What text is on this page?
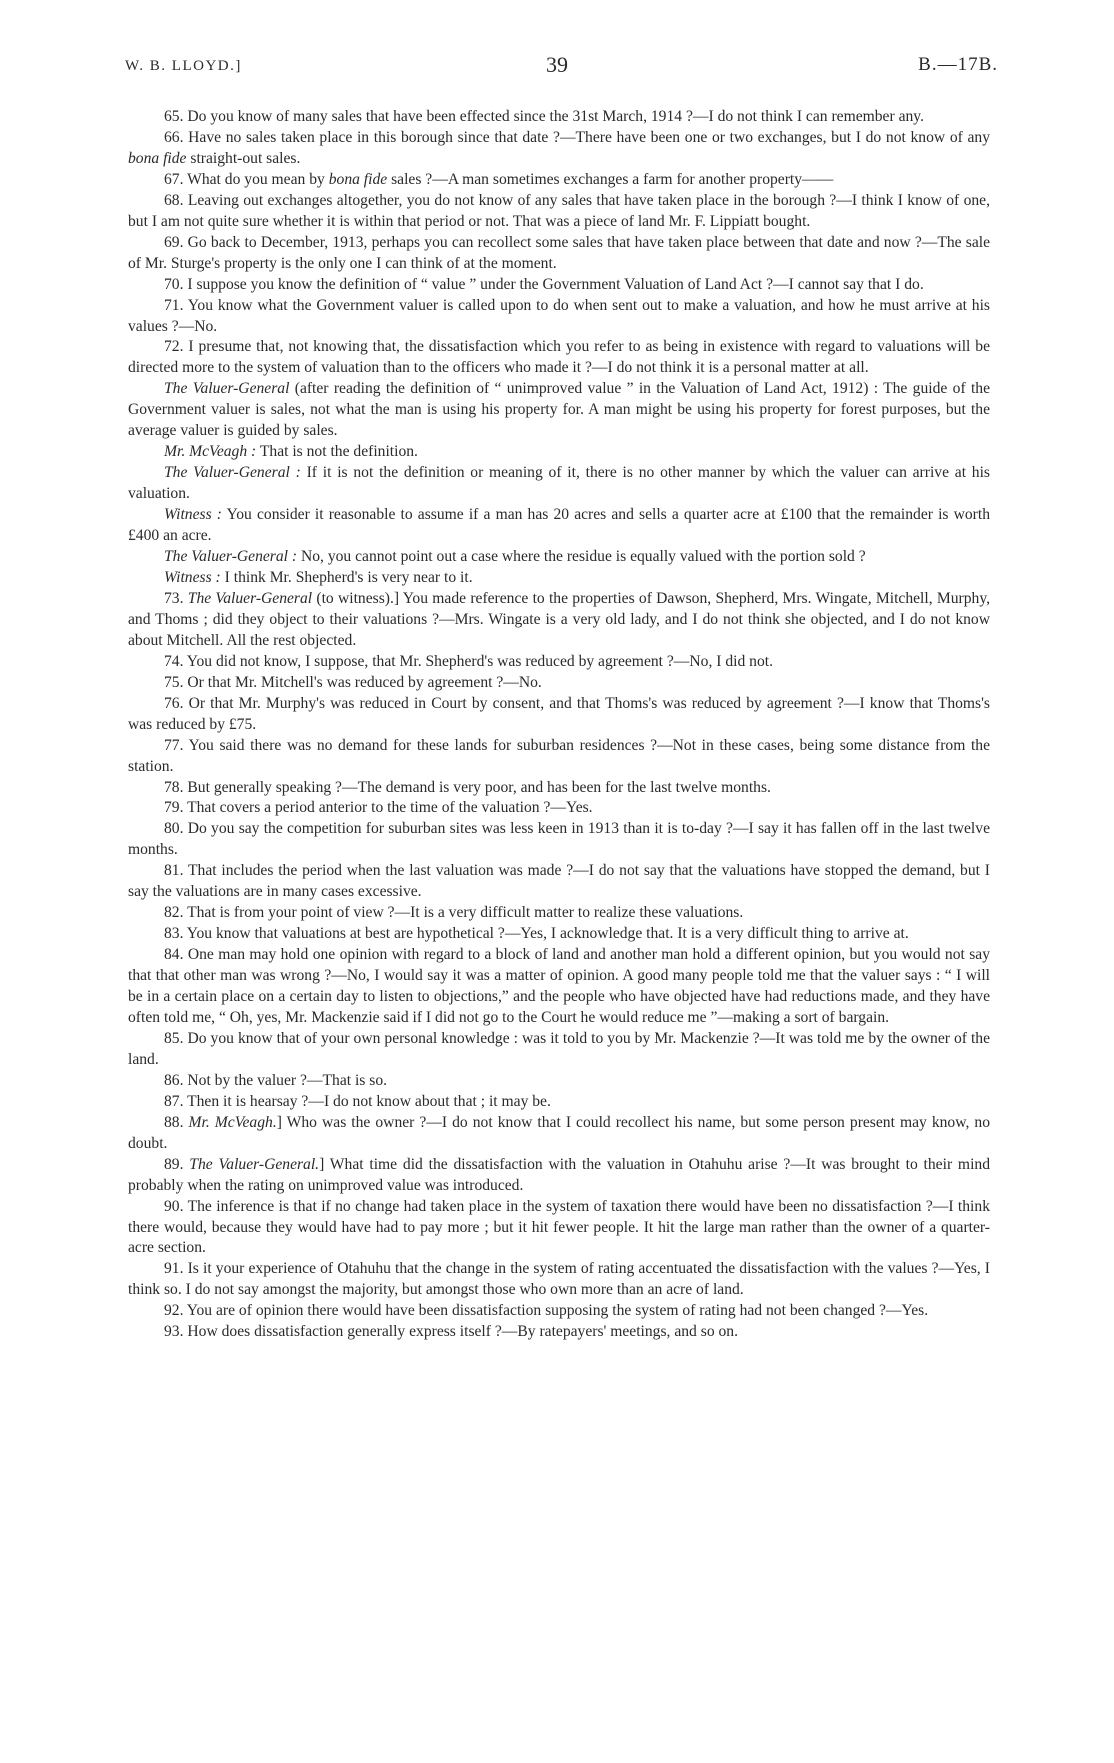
W. B. LLOYD.]	39	B.—17B.

65. Do you know of many sales that have been effected since the 31st March, 1914 ?—I do not think I can remember any.

66. Have no sales taken place in this borough since that date ?—There have been one or two exchanges, but I do not know of any bona fide straight-out sales.

67. What do you mean by bona fide sales ?—A man sometimes exchanges a farm for another property——

68. Leaving out exchanges altogether, you do not know of any sales that have taken place in the borough ?—I think I know of one, but I am not quite sure whether it is within that period or not. That was a piece of land Mr. F. Lippiatt bought.

69. Go back to December, 1913, perhaps you can recollect some sales that have taken place between that date and now ?—The sale of Mr. Sturge's property is the only one I can think of at the moment.

70. I suppose you know the definition of “ value ” under the Government Valuation of Land Act ?—I cannot say that I do.

71. You know what the Government valuer is called upon to do when sent out to make a valuation, and how he must arrive at his values ?—No.

72. I presume that, not knowing that, the dissatisfaction which you refer to as being in existence with regard to valuations will be directed more to the system of valuation than to the officers who made it ?—I do not think it is a personal matter at all.

The Valuer-General (after reading the definition of “ unimproved value ” in the Valuation of Land Act, 1912) : The guide of the Government valuer is sales, not what the man is using his property for. A man might be using his property for forest purposes, but the average valuer is guided by sales.

Mr. McVeagh : That is not the definition.

The Valuer-General : If it is not the definition or meaning of it, there is no other manner by which the valuer can arrive at his valuation.

Witness : You consider it reasonable to assume if a man has 20 acres and sells a quarter acre at £100 that the remainder is worth £400 an acre.

The Valuer-General : No, you cannot point out a case where the residue is equally valued with the portion sold ?

Witness : I think Mr. Shepherd's is very near to it.

73. The Valuer-General (to witness).] You made reference to the properties of Dawson, Shepherd, Mrs. Wingate, Mitchell, Murphy, and Thoms ; did they object to their valuations ?—Mrs. Wingate is a very old lady, and I do not think she objected, and I do not know about Mitchell. All the rest objected.

74. You did not know, I suppose, that Mr. Shepherd's was reduced by agreement ?—No, I did not.

75. Or that Mr. Mitchell's was reduced by agreement ?—No.

76. Or that Mr. Murphy's was reduced in Court by consent, and that Thoms's was reduced by agreement ?—I know that Thoms's was reduced by £75.

77. You said there was no demand for these lands for suburban residences ?—Not in these cases, being some distance from the station.

78. But generally speaking ?—The demand is very poor, and has been for the last twelve months.

79. That covers a period anterior to the time of the valuation ?—Yes.

80. Do you say the competition for suburban sites was less keen in 1913 than it is to-day ?—I say it has fallen off in the last twelve months.

81. That includes the period when the last valuation was made ?—I do not say that the valuations have stopped the demand, but I say the valuations are in many cases excessive.

82. That is from your point of view ?—It is a very difficult matter to realize these valuations.

83. You know that valuations at best are hypothetical ?—Yes, I acknowledge that. It is a very difficult thing to arrive at.

84. One man may hold one opinion with regard to a block of land and another man hold a different opinion, but you would not say that that other man was wrong ?—No, I would say it was a matter of opinion. A good many people told me that the valuer says : “ I will be in a certain place on a certain day to listen to objections,” and the people who have objected have had reductions made, and they have often told me, “ Oh, yes, Mr. Mackenzie said if I did not go to the Court he would reduce me ”—making a sort of bargain.

85. Do you know that of your own personal knowledge : was it told to you by Mr. Mackenzie ?—It was told me by the owner of the land.

86. Not by the valuer ?—That is so.

87. Then it is hearsay ?—I do not know about that ; it may be.

88. Mr. McVeagh.] Who was the owner ?—I do not know that I could recollect his name, but some person present may know, no doubt.

89. The Valuer-General.] What time did the dissatisfaction with the valuation in Otahuhu arise ?—It was brought to their mind probably when the rating on unimproved value was introduced.

90. The inference is that if no change had taken place in the system of taxation there would have been no dissatisfaction ?—I think there would, because they would have had to pay more ; but it hit fewer people. It hit the large man rather than the owner of a quarter-acre section.

91. Is it your experience of Otahuhu that the change in the system of rating accentuated the dissatisfaction with the values ?—Yes, I think so. I do not say amongst the majority, but amongst those who own more than an acre of land.

92. You are of opinion there would have been dissatisfaction supposing the system of rating had not been changed ?—Yes.

93. How does dissatisfaction generally express itself ?—By ratepayers' meetings, and so on.
